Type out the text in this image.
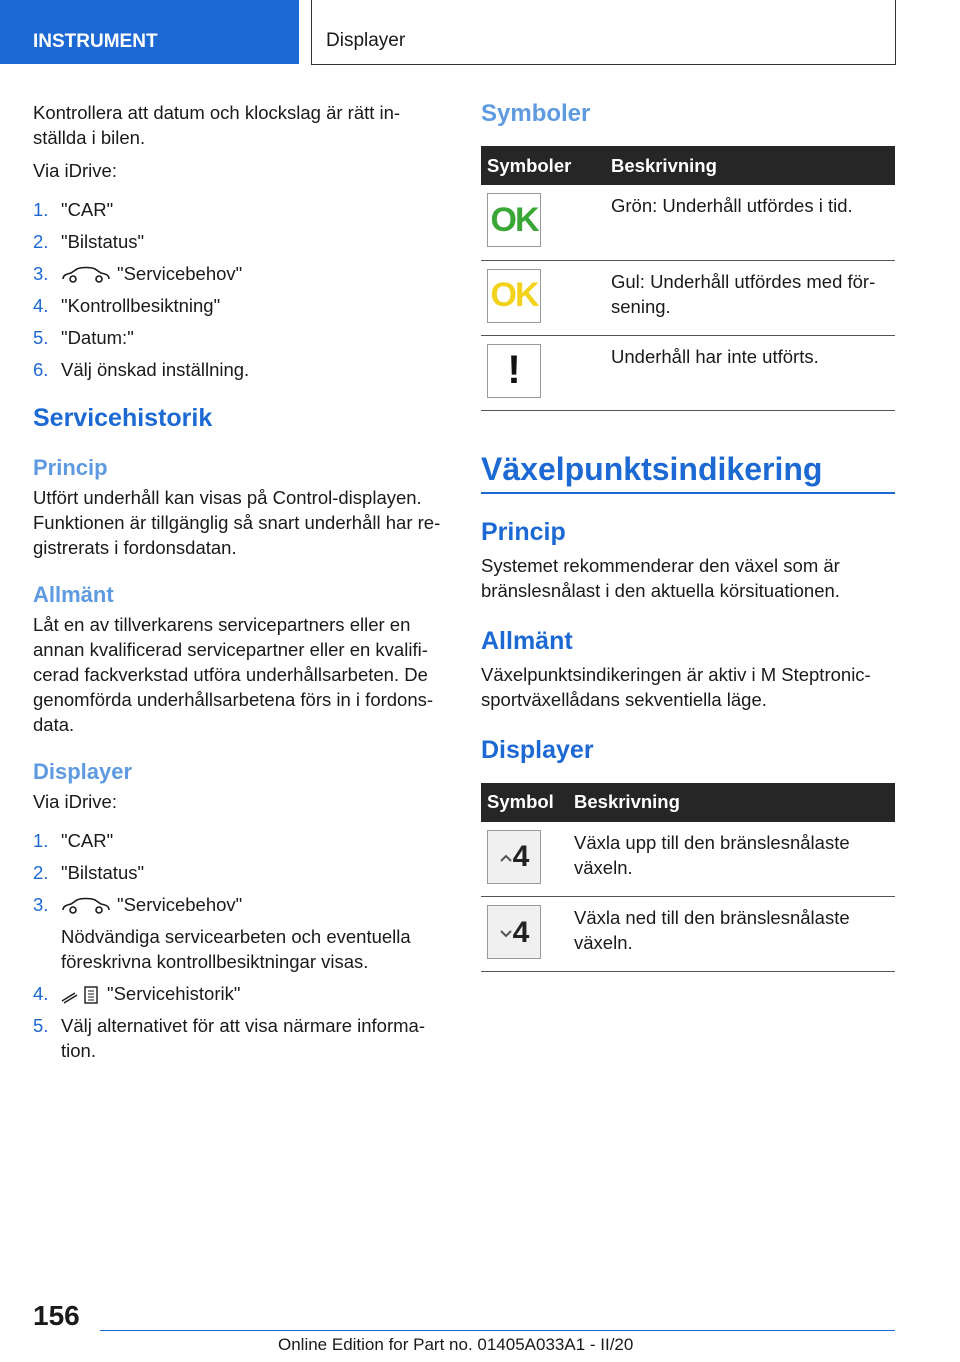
INSTRUMENT	Displayer

Kontrollera att datum och klockslag är rätt in-ställda i bilen.

Via iDrive:

1. "CAR"
2. "Bilstatus"
3.	"Servicebehov"
4. "Kontrollbesiktning"
5. "Datum:"
6. Välj önskad inställning.
Servicehistorik
Princip

Utfört underhåll kan visas på Control-displayen. Funktionen är tillgänglig så snart underhåll har re-gistrerats i fordonsdatan.

Allmänt

Låt en av tillverkarens servicepartners eller en annan kvalificerad servicepartner eller en kvalifi-cerad fackverkstad utföra underhållsarbeten. De genomförda underhållsarbetena förs in i fordons-data.

Displayer

Via iDrive:

1. "CAR"
2. "Bilstatus"
3.	"Servicebehov"
Nödvändiga servicearbeten och eventuella föreskrivna kontrollbesiktningar visas.
4.	"Servicehistorik"
5. Välj alternativet för att visa närmare informa-tion.
Symboler
Symboler	Beskrivning

OK	Grön: Underhåll utfördes i tid.

OK	Gul: Underhåll utfördes med för-sening.

!	Underhåll har inte utförts.
Växelpunktsindikering
Princip

Systemet rekommenderar den växel som är bränslesnålast i den aktuella körsituationen.

Allmänt

Växelpunktsindikeringen är aktiv i M Steptronic-sportväxellådans sekventiella läge.

Displayer
Symbol	Beskrivning

4	Växla upp till den bränslesnålaste växeln.

4	Växla ned till den bränslesnålaste växeln.
156
Online Edition for Part no. 01405A033A1 - II/20
